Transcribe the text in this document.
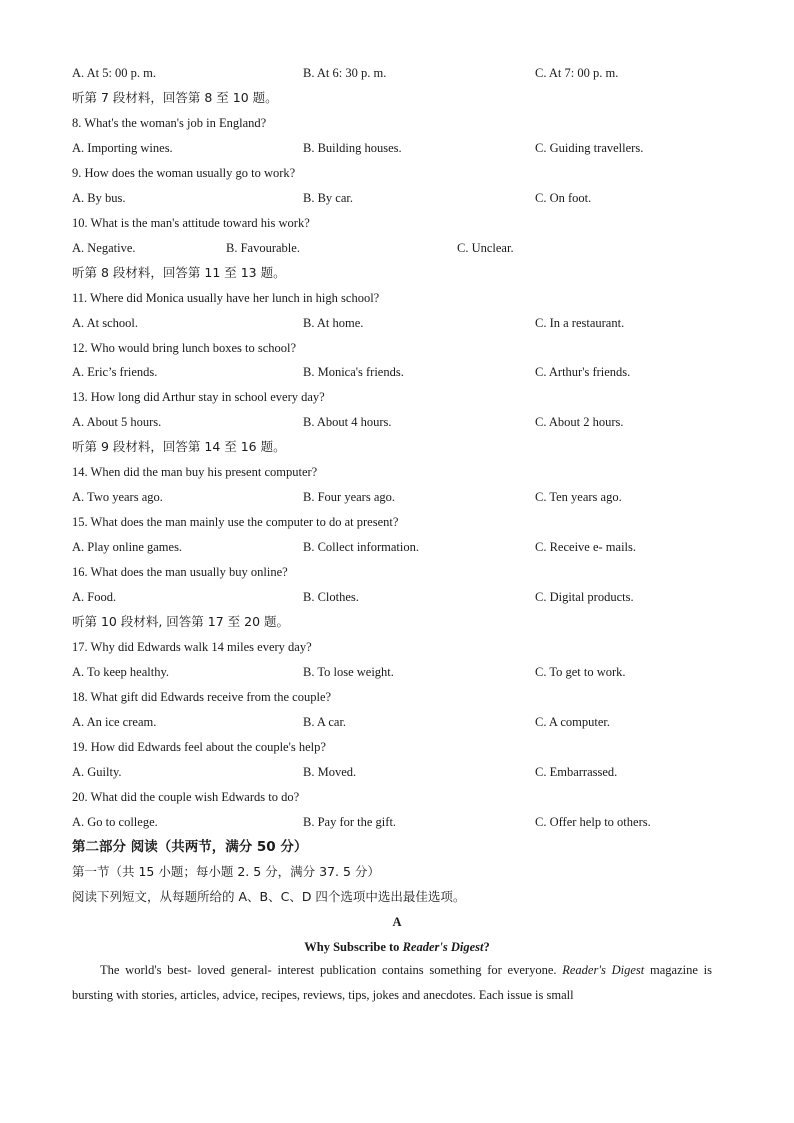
A. At 5: 00 p. m.	B. At 6: 30 p. m.	C. At 7: 00 p. m.
听第 7 段材料，回答第 8 至 10 题。
8. What's the woman's job in England?
A. Importing wines.	B. Building houses.	C. Guiding travellers.
9. How does the woman usually go to work?
A. By bus.	B. By car.	C. On foot.
10. What is the man's attitude toward his work?
A. Negative.	B. Favourable.	C. Unclear.
听第 8 段材料，回答第 11 至 13 题。
11. Where did Monica usually have her lunch in high school?
A. At school.	B. At home.	C. In a restaurant.
12. Who would bring lunch boxes to school?
A. Eric’s friends.	B. Monica's friends.	C. Arthur's friends.
13. How long did Arthur stay in school every day?
A. About 5 hours.	B. About 4 hours.	C. About 2 hours.
听第 9 段材料，回答第 14 至 16 题。
14. When did the man buy his present computer?
A. Two years ago.	B. Four years ago.	C. Ten years ago.
15. What does the man mainly use the computer to do at present?
A. Play online games.	B. Collect information.	C. Receive e- mails.
16. What does the man usually buy online?
A. Food.	B. Clothes.	C. Digital products.
听第 10 段材料, 回答第 17 至 20 题。
17. Why did Edwards walk 14 miles every day?
A. To keep healthy.	B. To lose weight.	C. To get to work.
18. What gift did Edwards receive from the couple?
A. An ice cream.	B. A car.	C. A computer.
19. How did Edwards feel about the couple's help?
A. Guilty.	B. Moved.	C. Embarrassed.
20. What did the couple wish Edwards to do?
A. Go to college.	B. Pay for the gift.	C. Offer help to others.
第二部分 阅读（共两节，满分 50 分）
第一节（共 15 小题；每小题 2. 5 分，满分 37. 5 分）
阅读下列短文，从每题所给的 A、B、C、D 四个选项中选出最佳选项。
A
Why Subscribe to Reader's Digest?
The world's best- loved general- interest publication contains something for everyone. Reader's Digest magazine is bursting with stories, articles, advice, recipes, reviews, tips, jokes and anecdotes. Each issue is small
